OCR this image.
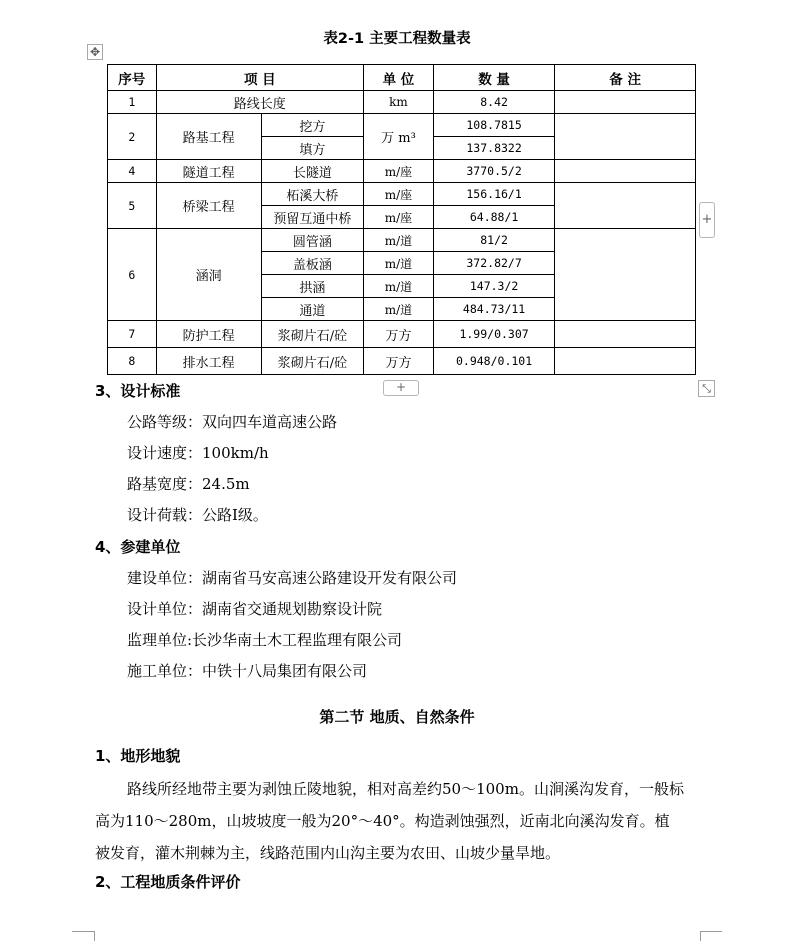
表2-1 主要工程数量表
✥
序号	项 目		单 位	数 量	备 注
1	路线长度		km	8.42	
2	路基工程	挖方	万 m³	108.7815	
		填方		137.8322	
4	隧道工程	长隧道	m/座	3770.5/2	
5	桥梁工程	柘溪大桥	m/座	156.16/1	
		预留互通中桥	m/座	64.88/1	
6	涵洞	圆管涵	m/道	81/2	
		盖板涵	m/道	372.82/7	
		拱涵	m/道	147.3/2	
		通道	m/道	484.73/11	
7	防护工程	浆砌片石/砼	万方	1.99/0.307	
8	排水工程	浆砌片石/砼	万方	0.948/0.101	
+
+	⤡
3、设计标准
公路等级：双向四车道高速公路
设计速度：100km/h
路基宽度：24.5m
设计荷载：公路Ⅰ级。
4、参建单位
建设单位：湖南省马安高速公路建设开发有限公司
设计单位：湖南省交通规划勘察设计院
监理单位:长沙华南土木工程监理有限公司
施工单位：中铁十八局集团有限公司
第二节 地质、自然条件
1、地形地貌
路线所经地带主要为剥蚀丘陵地貌，相对高差约50～100m。山涧溪沟发育，一般标
高为110～280m，山坡坡度一般为20°～40°。构造剥蚀强烈，近南北向溪沟发育。植
被发育，灌木荆棘为主，线路范围内山沟主要为农田、山坡少量旱地。
2、工程地质条件评价
